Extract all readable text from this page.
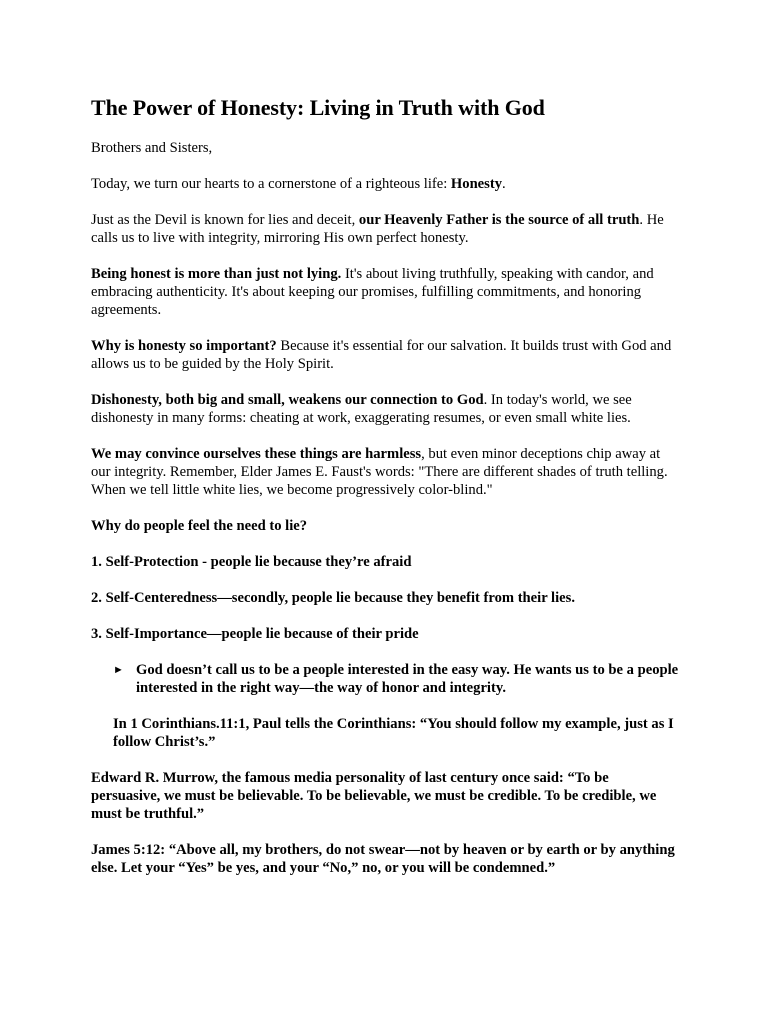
The Power of Honesty: Living in Truth with God

Brothers and Sisters,

Today, we turn our hearts to a cornerstone of a righteous life: Honesty.

Just as the Devil is known for lies and deceit, our Heavenly Father is the source of all truth. He calls us to live with integrity, mirroring His own perfect honesty.

Being honest is more than just not lying. It's about living truthfully, speaking with candor, and embracing authenticity. It's about keeping our promises, fulfilling commitments, and honoring agreements.

Why is honesty so important? Because it's essential for our salvation. It builds trust with God and allows us to be guided by the Holy Spirit.

Dishonesty, both big and small, weakens our connection to God. In today's world, we see dishonesty in many forms: cheating at work, exaggerating resumes, or even small white lies.

We may convince ourselves these things are harmless, but even minor deceptions chip away at our integrity. Remember, Elder James E. Faust's words: "There are different shades of truth telling. When we tell little white lies, we become progressively color-blind."

Why do people feel the need to lie?

1. Self-Protection - people lie because they’re afraid

2. Self-Centeredness—secondly, people lie because they benefit from their lies.

3. Self-Importance—people lie because of their pride

► God doesn’t call us to be a people interested in the easy way. He wants us to be a people interested in the right way—the way of honor and integrity.
In 1 Corinthians.11:1, Paul tells the Corinthians: “You should follow my example, just as I follow Christ’s.”

Edward R. Murrow, the famous media personality of last century once said: “To be persuasive, we must be believable. To be believable, we must be credible. To be credible, we must be truthful.”

James 5:12: “Above all, my brothers, do not swear—not by heaven or by earth or by anything else. Let your “Yes” be yes, and your “No,” no, or you will be condemned.”
